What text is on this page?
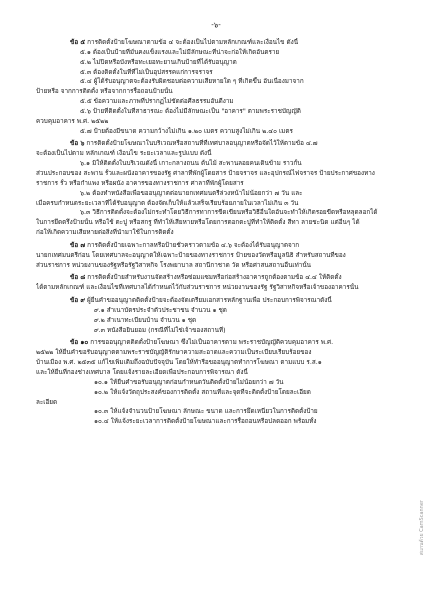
-๖-

ข้อ ๕ การติดตั้งป้ายโฆษณาตามข้อ ๔ จะต้องเป็นไปตามหลักเกณฑ์และเงื่อนไข ดังนี้

๕.๑ ต้องเป็นป้ายที่มั่นคงแข็งแรงและไม่มีลักษณะที่น่าจะก่อให้เกิดอันตราย

๕.๒ ไม่ปิดหรือบังหรือทะเยอทะยานเกินป้ายที่ได้รับอนุญาต

๕.๓ ต้องติดตั้งในที่ที่ไม่เป็นอุปสรรคแก่การจราจร

๕.๔ ผู้ได้รับอนุญาตจะต้องรับผิดชอบต่อความเสียหายใด ๆ ที่เกิดขึ้น อันเนื่องมาจาก

ป้ายหรือ จากการติดตั้ง หรือจากการรื้อถอนป้ายนั้น

๕.๕ ข้อความและภาพที่ปรากฏไม่ขัดต่อศีลธรรมอันดีงาม

๕.๖ ป้ายที่ติดตั้งในที่สาธารณะ ต้องไม่มีลักษณะเป็น "อาคาร" ตามพระราชบัญญัติ

ควบคุมอาคาร พ.ศ. ๒๕๒๒

๕.๗ ป้ายต้องมีขนาด ความกว้างไม่เกิน ๑.๒๐ เมตร ความสูงไม่เกิน ๒.๔๐ เมตร

ข้อ ๖ การติดตั้งป้ายโฆษณาในบริเวณหรือสถานที่ที่เทศบาลอนุญาตหรือจัดไว้ให้ตามข้อ ๔.๗

จะต้องเป็นไปตาม หลักเกณฑ์ เงื่อนไข ระยะเวลาและรูปแบบ ดังนี้

๖.๑ มิให้ติดตั้งในบริเวณดังนี้ เกาะกลางถนน ต้นไม้ สะพานลอยคนเดินข้าม ราวกั้น

ส่วนประกอบของ สะพาน รั้วและผนังอาคารของรัฐ ศาลาที่พักผู้โดยสาร ป้ายจราจร และอุปกรณ์ไฟจราจร ป้ายประกาศของทาง

ราชการ รั้ว หรือกำแพง หรือผนัง อาคารของทางราชการ ศาลาที่พักผู้โดยสาร

๖.๒ ต้องทำหนังสือเพื่อขออนุญาตต่อนายกเทศมนตรีล่วงหน้าไม่น้อยกว่า ๗ วัน และ

เมื่อครบกำหนดระยะเวลาที่ได้รับอนุญาต ต้องจัดเก็บให้แล้วเสร็จเรียบร้อยภายในเวลาไม่เกิน ๓ วัน

๖.๓ วิธีการติดตั้งจะต้องไม่กระทำโดยวิธีการทาการขีดเขียนหรือวิธีอื่นใดอันจะทำให้เกิดรอยขีดหรือหลุดลอกได้

ในการยึดตรึงป้ายนั้น หรือใช้ ตะปู หรือสกรู ที่ทำให้เสียหายหรือโดยการตอกตะปูที่ทำให้ติดตั้ง สีทา ลายชะนิด แต่อื่นๆ ได้

ก่อให้เกิดความเสียหายต่อสิ่งที่นำมาใช้ในการติดตั้ง

ข้อ ๗ การติดตั้งป้ายเฉพาะกาลหรือป้ายชั่วคราวตามข้อ ๔.๖ จะต้องได้รับอนุญาตจาก

นายกเทศมนตรีก่อน โดยเทศบาลจะอนุญาตให้เฉพาะป้ายของทางราชการ ป้ายของวัดหรือมูลนิธิ สำหรับสถานที่ของ

ส่วนราชการ หน่วยงานของรัฐหรือรัฐวิสาหกิจ โรงพยาบาล สถานีกาชาด วัด หรือศาสนสถานอื่นเท่านั้น

ข้อ ๘ การติดตั้งป้ายสำหรับงานจัดสร้างหรือซ่อมแซมหรือก่อสร้างอาคารถูกต้องตามข้อ ๔.๔ ให้ติดตั้ง

ได้ตามหลักเกณฑ์ และเงื่อนไขที่เทศบาลได้กำหนดไว้กับส่วนราชการ หน่วยงานของรัฐ รัฐวิสาหกิจหรือเจ้าของอาคารนั้น

ข้อ ๙ ผู้ยื่นคำขออนุญาตติดตั้งป้ายจะต้องจัดเตรียมเอกสารหลักฐานเพื่อ ประกอบการพิจารณาดังนี้

๙.๑ สำเนาบัตรประจำตัวประชาชน จำนวน ๑ ชุด

๙.๒ สำเนาทะเบียนบ้าน จำนวน ๑ ชุด

๙.๓ หนังสือยินยอม (กรณีที่ไม่ใช่เจ้าของสถานที่)

ข้อ ๑๐ การขออนุญาตติดตั้งป้ายโฆษณา ซึ่งไม่เป็นอาคารตาม พระราชบัญญัติควบคุมอาคาร พ.ศ.

๒๕๒๒ ให้ยื่นคำขอรับอนุญาตตามพระราชบัญญัติรักษาความสะอาดและความเป็นระเบียบเรียบร้อยของ

บ้านเมือง พ.ศ. ๒๕๓๕ แก้ไขเพิ่มเติมถึงฉบับปัจจุบัน โดยให้ทำรือขออนุญาตทำการโฆษณา ตามแบบ ร.ส.๑

และให้ยื่นที่กองช่างเทศบาล โดยแจ้งรายละเอียดเพื่อประกอบการพิจารณา ดังนี้

๑๐.๑ ให้ยื่นคำขอรับอนุญาตก่อนกำหนดวันติดตั้งป้ายไม่น้อยกว่า ๗ วัน

๑๐.๒ ให้แจ้งวัตถุประสงค์ของการติดตั้ง สถานที่และจุดที่จะติดตั้งป้ายโดยละเอียด

ละเอียด

๑๐.๓ ให้แจ้งจำนวนป้ายโฆษณา ลักษณะ ขนาด และการยึดเหนี่ยวในการติดตั้งป้าย

๑๐.๔ ให้แจ้งระยะเวลาการติดตั้งป้ายโฆษณาและการรื้อถอนหรือปลดออก พร้อมทั้ง

สแกนด้วย CamScanner
